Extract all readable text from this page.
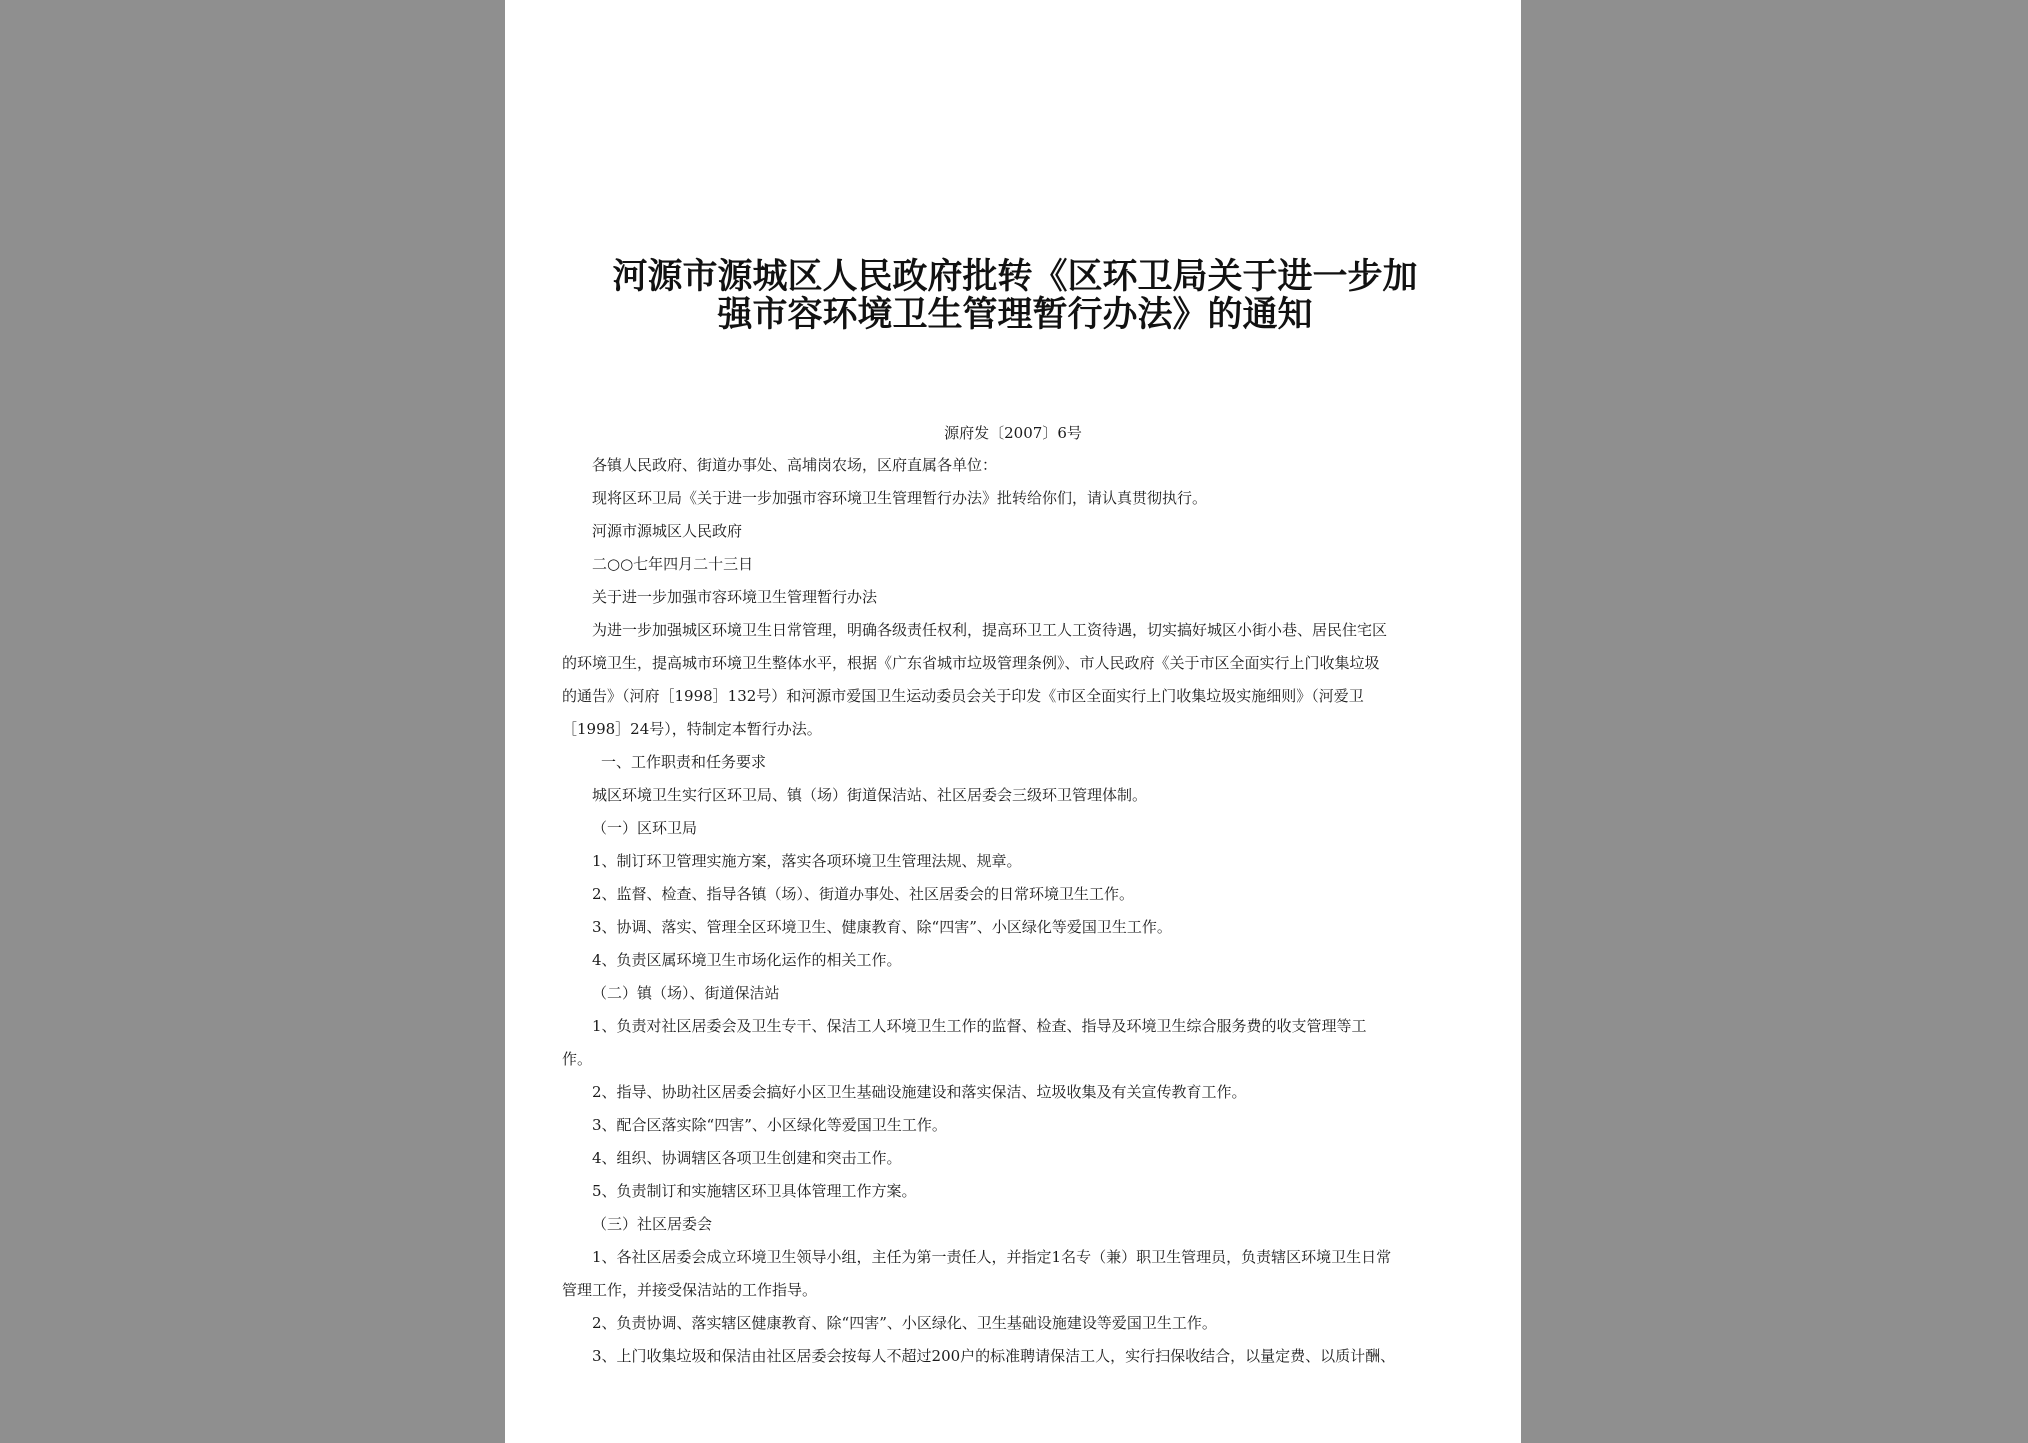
河源市源城区人民政府批转《区环卫局关于进一步加
强市容环境卫生管理暂行办法》的通知
源府发〔2007〕6号
各镇人民政府、街道办事处、高埔岗农场，区府直属各单位：
现将区环卫局《关于进一步加强市容环境卫生管理暂行办法》批转给你们，请认真贯彻执行。
河源市源城区人民政府
二○○七年四月二十三日
关于进一步加强市容环境卫生管理暂行办法
为进一步加强城区环境卫生日常管理，明确各级责任权利，提高环卫工人工资待遇，切实搞好城区小街小巷、居民住宅区
的环境卫生，提高城市环境卫生整体水平，根据《广东省城市垃圾管理条例》、市人民政府《关于市区全面实行上门收集垃圾
的通告》（河府［1998］132号）和河源市爱国卫生运动委员会关于印发《市区全面实行上门收集垃圾实施细则》（河爱卫
［1998］24号），特制定本暂行办法。
一、工作职责和任务要求
城区环境卫生实行区环卫局、镇（场）街道保洁站、社区居委会三级环卫管理体制。
（一）区环卫局
1、制订环卫管理实施方案，落实各项环境卫生管理法规、规章。
2、监督、检查、指导各镇（场）、街道办事处、社区居委会的日常环境卫生工作。
3、协调、落实、管理全区环境卫生、健康教育、除“四害”、小区绿化等爱国卫生工作。
4、负责区属环境卫生市场化运作的相关工作。
（二）镇（场）、街道保洁站
1、负责对社区居委会及卫生专干、保洁工人环境卫生工作的监督、检查、指导及环境卫生综合服务费的收支管理等工
作。
2、指导、协助社区居委会搞好小区卫生基础设施建设和落实保洁、垃圾收集及有关宣传教育工作。
3、配合区落实除“四害”、小区绿化等爱国卫生工作。
4、组织、协调辖区各项卫生创建和突击工作。
5、负责制订和实施辖区环卫具体管理工作方案。
（三）社区居委会
1、各社区居委会成立环境卫生领导小组，主任为第一责任人，并指定1名专（兼）职卫生管理员，负责辖区环境卫生日常
管理工作，并接受保洁站的工作指导。
2、负责协调、落实辖区健康教育、除“四害”、小区绿化、卫生基础设施建设等爱国卫生工作。
3、上门收集垃圾和保洁由社区居委会按每人不超过200户的标准聘请保洁工人，实行扫保收结合，以量定费、以质计酬、
